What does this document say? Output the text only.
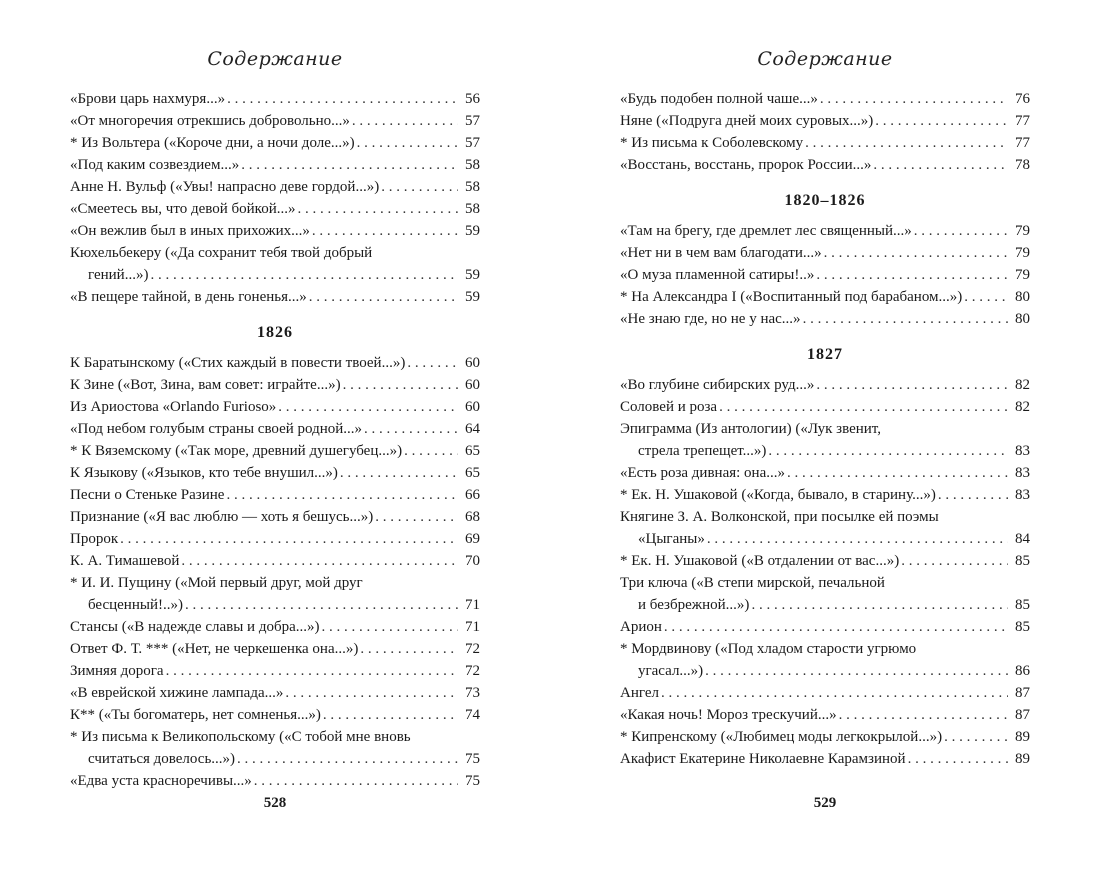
Содержание
«Брови царь нахмуря...» . . .	56
«От многоречия отрекшись добровольно...» . . .	57
* Из Вольтера («Короче дни, а ночи доле...») . . .	57
«Под каким созвездием...» . . .	58
Анне Н. Вульф («Увы! напрасно деве гордой...») . . .	58
«Смеетесь вы, что девой бойкой...» . . .	58
«Он вежлив был в иных прихожих...» . . .	59
Кюхельбекеру («Да сохранит тебя твой добрый
гений...») . . .	59
«В пещере тайной, в день гоненья...» . . .	59
1826
К Баратынскому («Стих каждый в повести твоей...») . . .	60
К Зине («Вот, Зина, вам совет: играйте...») . . .	60
Из Ариостова «Orlando Furioso» . . .	60
«Под небом голубым страны своей родной...» . . .	64
* К Вяземскому («Так море, древний душегубец...») . . .	65
К Языкову («Языков, кто тебе внушил...») . . .	65
Песни о Стеньке Разине . . .	66
Признание («Я вас люблю — хоть я бешусь...») . . .	68
Пророк . . .	69
К. А. Тимашевой . . .	70
* И. И. Пущину («Мой первый друг, мой друг
бесценный!..») . . .	71
Стансы («В надежде славы и добра...») . . .	71
Ответ Ф. Т. *** («Нет, не черкешенка она...») . . .	72
Зимняя дорога . . .	72
«В еврейской хижине лампада...» . . .	73
К** («Ты богоматерь, нет сомненья...») . . .	74
* Из письма к Великопольскому («С тобой мне вновь
считаться довелось...») . . .	75
«Едва уста красноречивы...» . . .	75
528
Содержание
«Будь подобен полной чаше...» . . .	76
Няне («Подруга дней моих суровых...») . . .	77
* Из письма к Соболевскому . . .	77
«Восстань, восстань, пророк России...» . . .	78
1820–1826
«Там на брегу, где дремлет лес священный...» . . .	79
«Нет ни в чем вам благодати...» . . .	79
«О муза пламенной сатиры!..» . . .	79
* На Александра I («Воспитанный под барабаном...») . . .	80
«Не знаю где, но не у нас...» . . .	80
1827
«Во глубине сибирских руд...» . . .	82
Соловей и роза . . .	82
Эпиграмма (Из антологии) («Лук звенит,
стрела трепещет...») . . .	83
«Есть роза дивная: она...» . . .	83
* Ек. Н. Ушаковой («Когда, бывало, в старину...») . . .	83
Княгине З. А. Волконской, при посылке ей поэмы
«Цыганы» . . .	84
* Ек. Н. Ушаковой («В отдалении от вас...») . . .	85
Три ключа («В степи мирской, печальной
и безбрежной...») . . .	85
Арион . . .	85
* Мордвинову («Под хладом старости угрюмо
угасал...») . . .	86
Ангел . . .	87
«Какая ночь! Мороз трескучий...» . . .	87
* Кипренскому («Любимец моды легкокрылой...») . . .	89
Акафист Екатерине Николаевне Карамзиной . . .	89
529
